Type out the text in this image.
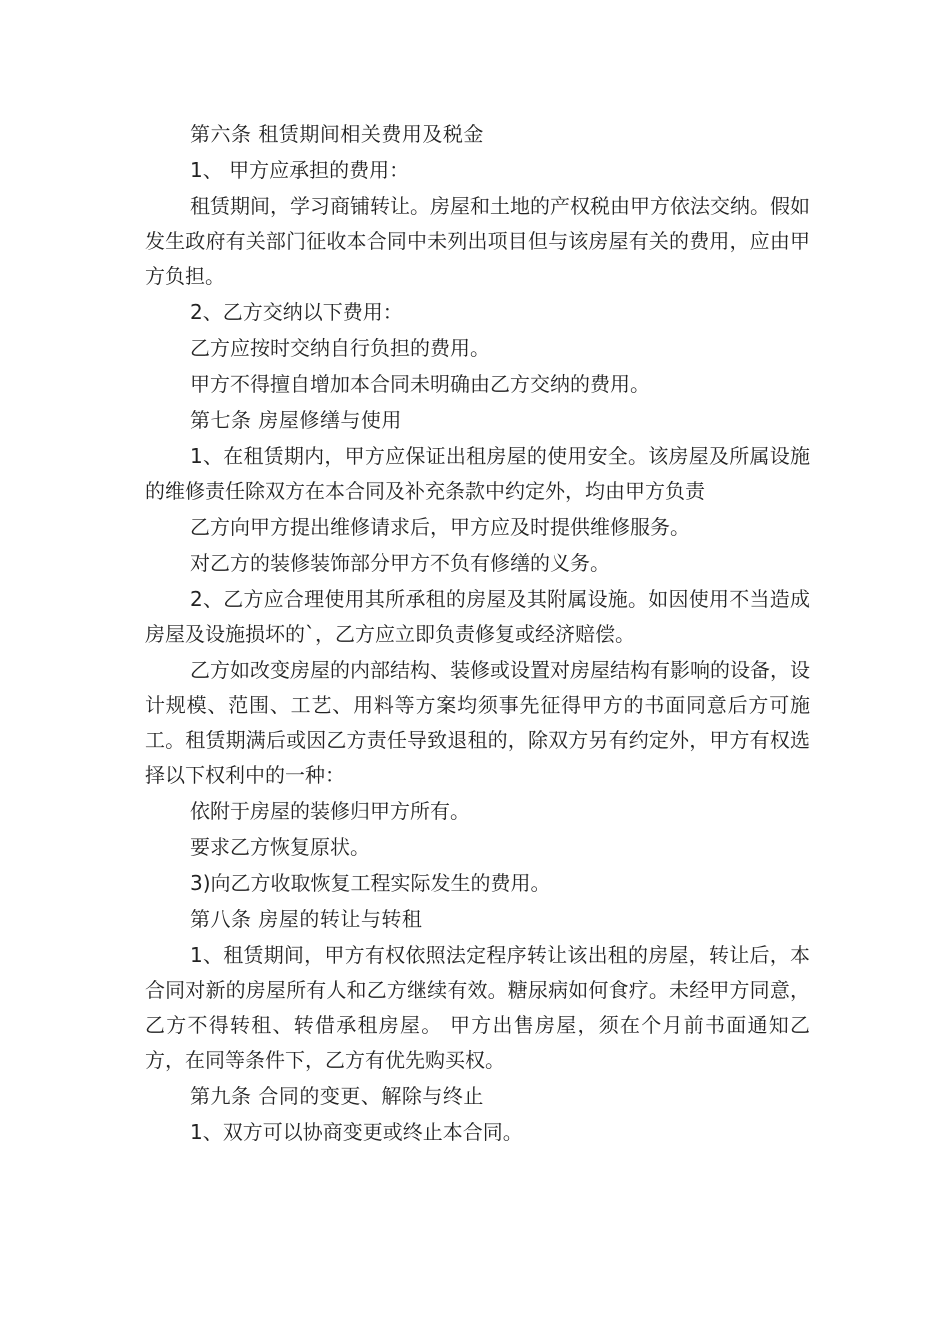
第六条 租赁期间相关费用及税金

1、 甲方应承担的费用：

租赁期间，学习商铺转让。房屋和土地的产权税由甲方依法交纳。假如发生政府有关部门征收本合同中未列出项目但与该房屋有关的费用，应由甲方负担。

2、乙方交纳以下费用：

乙方应按时交纳自行负担的费用。

甲方不得擅自增加本合同未明确由乙方交纳的费用。

第七条 房屋修缮与使用

1、在租赁期内，甲方应保证出租房屋的使用安全。该房屋及所属设施的维修责任除双方在本合同及补充条款中约定外，均由甲方负责

乙方向甲方提出维修请求后，甲方应及时提供维修服务。

对乙方的装修装饰部分甲方不负有修缮的义务。

2、乙方应合理使用其所承租的房屋及其附属设施。如因使用不当造成房屋及设施损坏的`，乙方应立即负责修复或经济赔偿。

乙方如改变房屋的内部结构、装修或设置对房屋结构有影响的设备，设计规模、范围、工艺、用料等方案均须事先征得甲方的书面同意后方可施工。租赁期满后或因乙方责任导致退租的，除双方另有约定外，甲方有权选择以下权利中的一种：

依附于房屋的装修归甲方所有。

要求乙方恢复原状。

3)向乙方收取恢复工程实际发生的费用。

第八条 房屋的转让与转租

1、租赁期间，甲方有权依照法定程序转让该出租的房屋，转让后，本合同对新的房屋所有人和乙方继续有效。糖尿病如何食疗。未经甲方同意，乙方不得转租、转借承租房屋。 甲方出售房屋，须在个月前书面通知乙方，在同等条件下，乙方有优先购买权。

第九条 合同的变更、解除与终止

1、双方可以协商变更或终止本合同。
